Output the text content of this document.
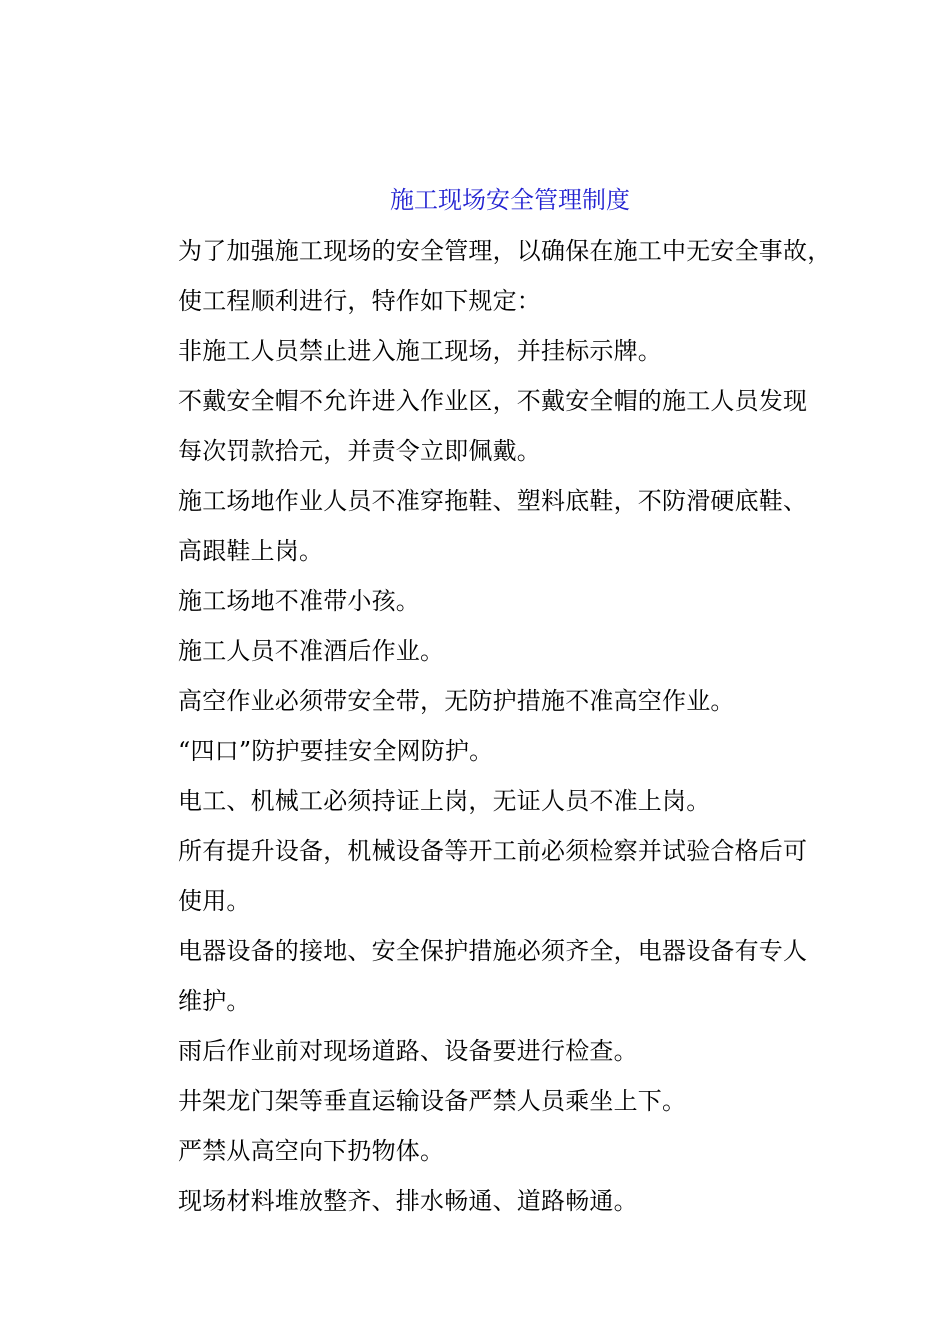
施工现场安全管理制度

为了加强施工现场的安全管理，以确保在施工中无安全事故，

使工程顺利进行，特作如下规定：

非施工人员禁止进入施工现场，并挂标示牌。

不戴安全帽不允许进入作业区，不戴安全帽的施工人员发现

每次罚款拾元，并责令立即佩戴。

施工场地作业人员不准穿拖鞋、塑料底鞋，不防滑硬底鞋、

高跟鞋上岗。

施工场地不准带小孩。

施工人员不准酒后作业。

高空作业必须带安全带，无防护措施不准高空作业。

“四口”防护要挂安全网防护。

电工、机械工必须持证上岗，无证人员不准上岗。

所有提升设备，机械设备等开工前必须检察并试验合格后可

使用。

电器设备的接地、安全保护措施必须齐全，电器设备有专人

维护。

雨后作业前对现场道路、设备要进行检查。

井架龙门架等垂直运输设备严禁人员乘坐上下。

严禁从高空向下扔物体。

现场材料堆放整齐、排水畅通、道路畅通。
